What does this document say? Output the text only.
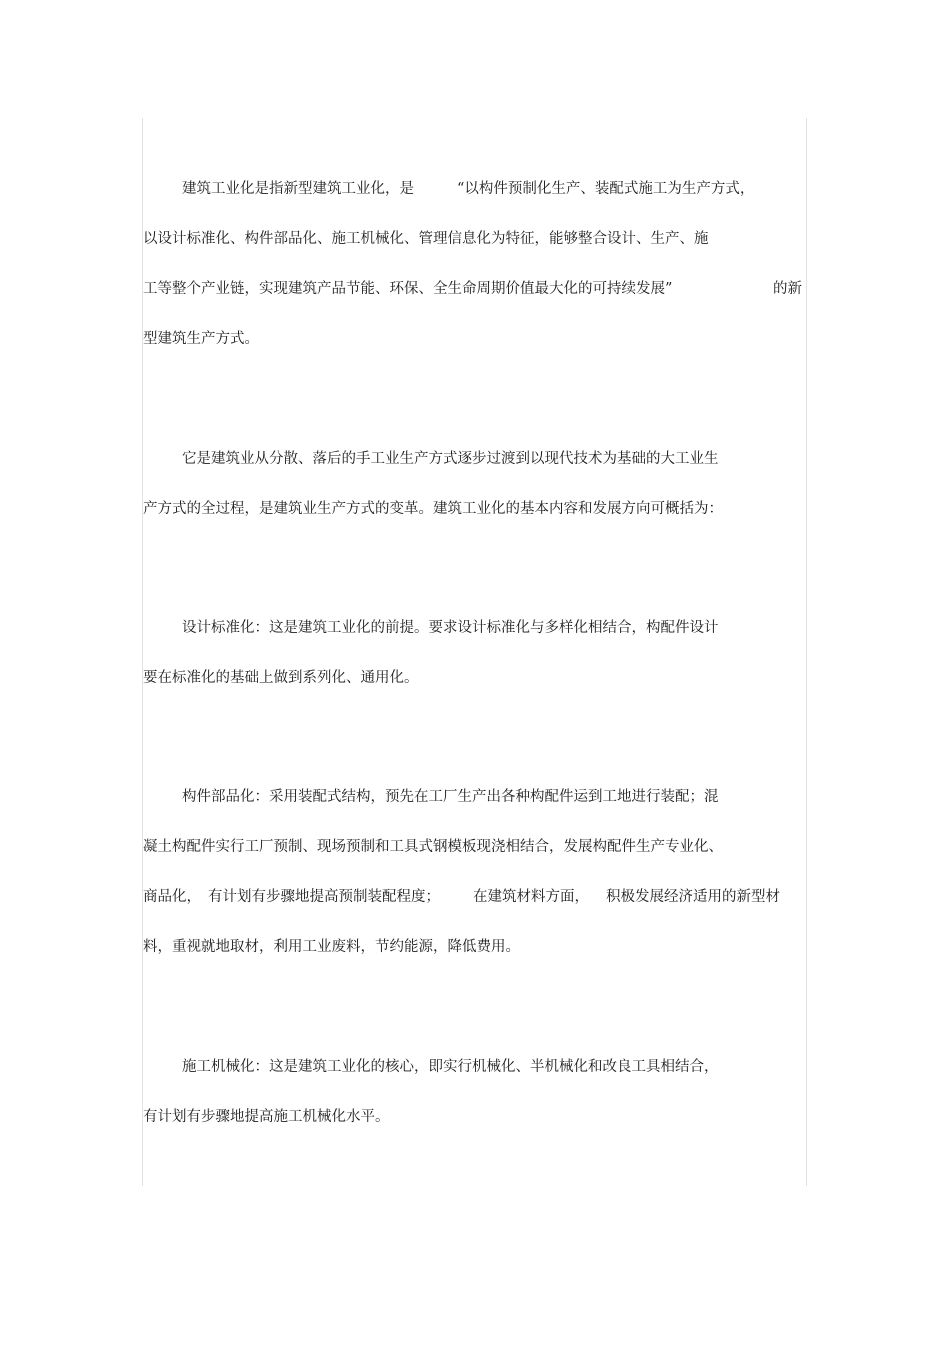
建筑工业化是指新型建筑工业化，是	“以构件预制化生产、装配式施工为生产方式，
以设计标准化、构件部品化、施工机械化、管理信息化为特征，能够整合设计、生产、施
工等整个产业链，实现建筑产品节能、环保、全生命周期价值最大化的可持续发展”	的新
型建筑生产方式。
它是建筑业从分散、落后的手工业生产方式逐步过渡到以现代技术为基础的大工业生
产方式的全过程，是建筑业生产方式的变革。建筑工业化的基本内容和发展方向可概括为：
设计标准化：这是建筑工业化的前提。要求设计标准化与多样化相结合，构配件设计
要在标准化的基础上做到系列化、通用化。
构件部品化：采用装配式结构，预先在工厂生产出各种构配件运到工地进行装配；混
凝土构配件实行工厂预制、现场预制和工具式钢模板现浇相结合，发展构配件生产专业化、
商品化， 有计划有步骤地提高预制装配程度； 在建筑材料方面， 积极发展经济适用的新型材
料，重视就地取材，利用工业废料，节约能源，降低费用。
施工机械化：这是建筑工业化的核心，即实行机械化、半机械化和改良工具相结合，
有计划有步骤地提高施工机械化水平。
